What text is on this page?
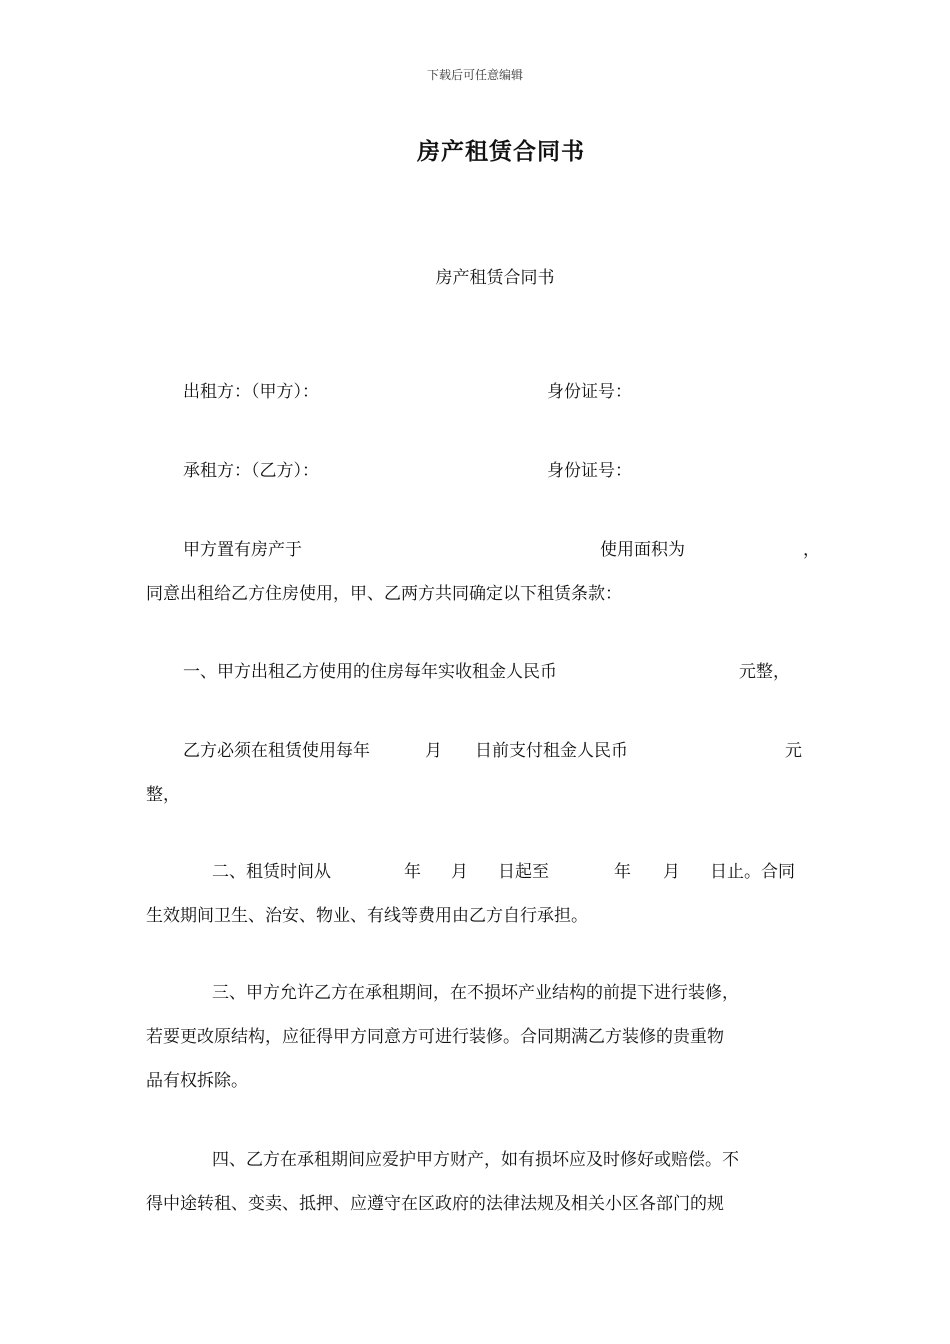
下载后可任意编辑
房产租赁合同书
房产租赁合同书
出租方：（甲方）：	身份证号：
承租方：（乙方）：	身份证号：
甲方置有房产于	使用面积为	，
同意出租给乙方住房使用，甲、乙两方共同确定以下租赁条款：
一、甲方出租乙方使用的住房每年实收租金人民币	元整，
乙方必须在租赁使用每年	月 日前支付租金人民币	元
整，
二、租赁时间从	年 月 日起至	年 月 日止。合同
生效期间卫生、治安、物业、有线等费用由乙方自行承担。
三、甲方允许乙方在承租期间，在不损坏产业结构的前提下进行装修，
若要更改原结构，应征得甲方同意方可进行装修。合同期满乙方装修的贵重物
品有权拆除。
四、乙方在承租期间应爱护甲方财产，如有损坏应及时修好或赔偿。不
得中途转租、变卖、抵押、应遵守在区政府的法律法规及相关小区各部门的规
